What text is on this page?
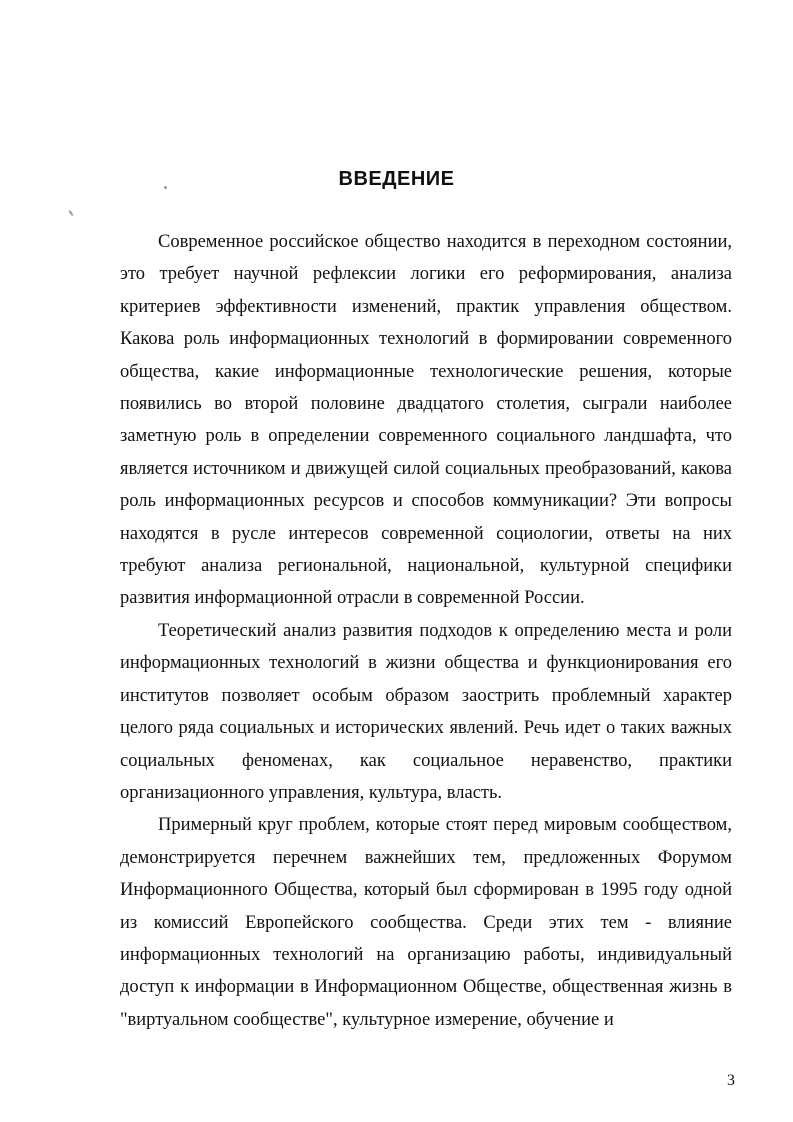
ВВЕДЕНИЕ

Современное российское общество находится в переходном состоянии, это требует научной рефлексии логики его реформирования, анализа критериев эффективности изменений, практик управления обществом. Какова роль информационных технологий в формировании современного общества, какие информационные технологические решения, которые появились во второй половине двадцатого столетия, сыграли наиболее заметную роль в определении современного социального ландшафта, что является источником и движущей силой социальных преобразований, какова роль информационных ресурсов и способов коммуникации? Эти вопросы находятся в русле интересов современной социологии, ответы на них требуют анализа региональной, национальной, культурной специфики развития информационной отрасли в современной России.

Теоретический анализ развития подходов к определению места и роли информационных технологий в жизни общества и функционирования его институтов позволяет особым образом заострить проблемный характер целого ряда социальных и исторических явлений. Речь идет о таких важных социальных феноменах, как социальное неравенство, практики организационного управления, культура, власть.

Примерный круг проблем, которые стоят перед мировым сообществом, демонстрируется перечнем важнейших тем, предложенных Форумом Информационного Общества, который был сформирован в 1995 году одной из комиссий Европейского сообщества. Среди этих тем - влияние информационных технологий на организацию работы, индивидуальный доступ к информации в Информационном Обществе, общественная жизнь в "виртуальном сообществе", культурное измерение, обучение и

3
